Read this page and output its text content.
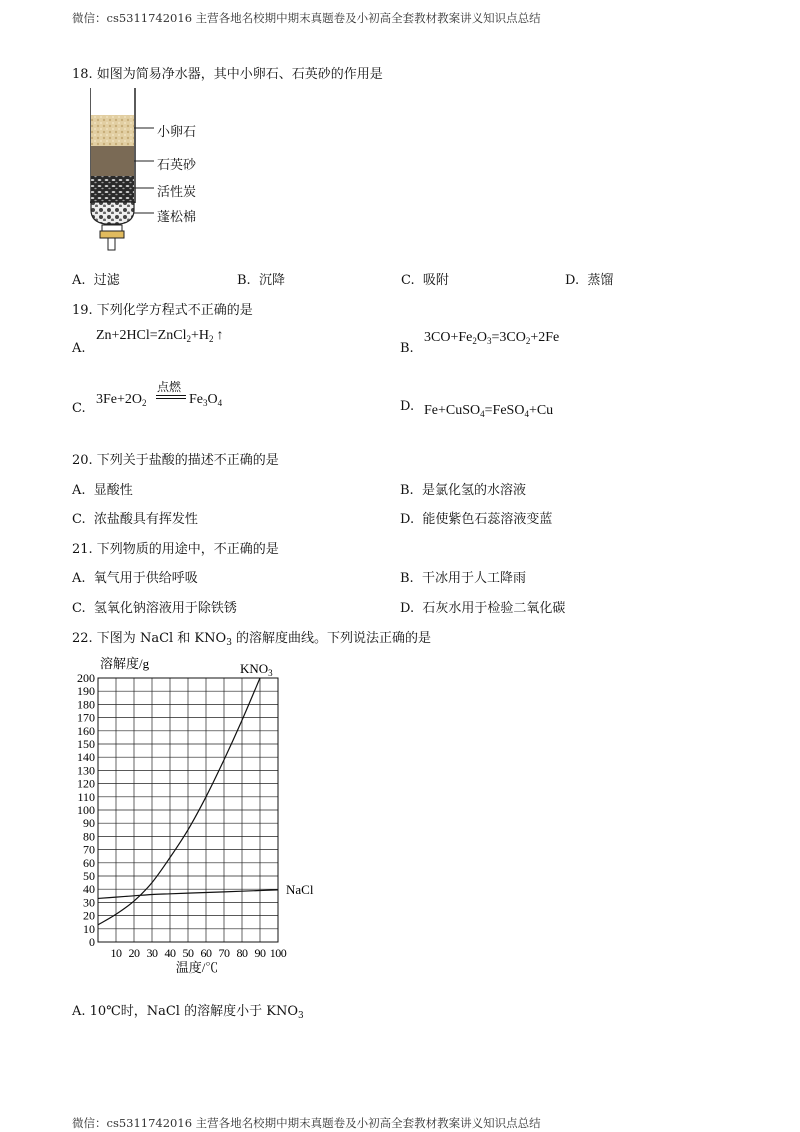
微信：cs5311742016 主营各地名校期中期末真题卷及小初高全套教材教案讲义知识点总结
18. 如图为简易净水器，其中小卵石、石英砂的作用是
小卵石
石英砂
活性炭
蓬松棉
A. 过滤	B. 沉降	C. 吸附	D. 蒸馏
19. 下列化学方程式不正确的是
A.
$Zn+2HCl=ZnCl_2+H_2$ ↑
B.
$3CO+Fe_2O_3=3CO_2+2Fe$
C.
$3Fe+2O_2$
点燃
$Fe_3O_4$	D. Fe+CuSO$_4$=FeSO$_4$+Cu
20. 下列关于盐酸的描述不正确的是
A. 显酸性	B. 是氯化氢的水溶液
C. 浓盐酸具有挥发性	D. 能使紫色石蕊溶液变蓝
21. 下列物质的用途中，不正确的是
A. 氧气用于供给呼吸	B. 干冰用于人工降雨
C. 氢氧化钠溶液用于除铁锈	D. 石灰水用于检验二氧化碳
22. 下图为 NaCl 和 $KNO_3$ 的溶解度曲线。下列说法正确的是
0
10
20
30
40
50
60
70
80
90
100
110
120
130
140
150
160
170
180
190
200
10 20 30 40 50 60 70 80 90 100
溶解度/g
温度/℃
$KNO_3$
NaCl
A. 10℃时，NaCl 的溶解度小于 $KNO_3$
微信：cs5311742016 主营各地名校期中期末真题卷及小初高全套教材教案讲义知识点总结
